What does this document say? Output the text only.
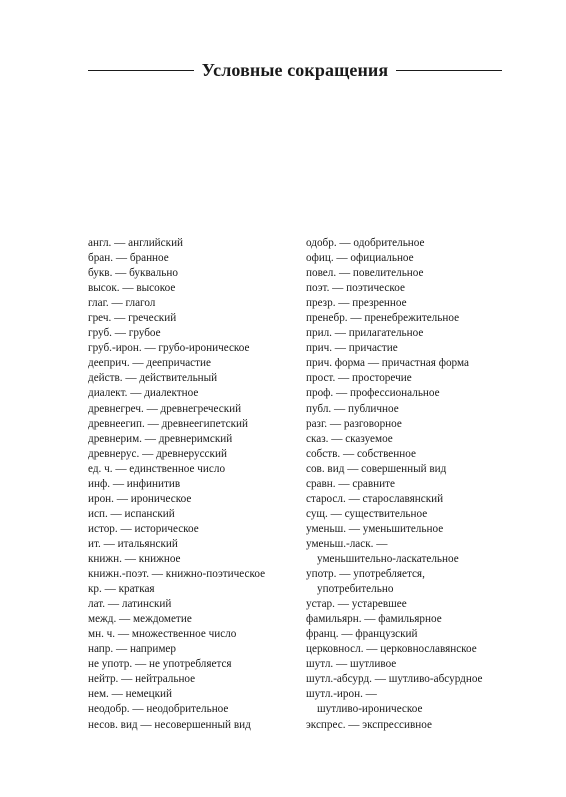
Условные сокращения
англ. — английский
бран. — бранное
букв. — буквально
высок. — высокое
глаг. — глагол
греч. — греческий
груб. — грубое
груб.-ирон. — грубо-ироническое
дееприч. — деепричастие
действ. — действительный
диалект. — диалектное
древнегреч. — древнегреческий
древнеегип. — древнеегипетский
древнерим. — древнеримский
древнерус. — древнерусский
ед. ч. — единственное число
инф. — инфинитив
ирон. — ироническое
исп. — испанский
истор. — историческое
ит. — итальянский
книжн. — книжное
книжн.-поэт. — книжно-поэтическое
кр. — краткая
лат. — латинский
межд. — междометие
мн. ч. — множественное число
напр. — например
не употр. — не употребляется
нейтр. — нейтральное
нем. — немецкий
неодобр. — неодобрительное
несов. вид — несовершенный вид
одобр. — одобрительное
офиц. — официальное
повел. — повелительное
поэт. — поэтическое
презр. — презренное
пренебр. — пренебрежительное
прил. — прилагательное
прич. — причастие
прич. форма — причастная форма
прост. — просторечие
проф. — профессиональное
публ. — публичное
разг. — разговорное
сказ. — сказуемое
собств. — собственное
сов. вид — совершенный вид
сравн. — сравните
старосл. — старославянский
сущ. — существительное
уменьш. — уменьшительное
уменьш.-ласк. —
уменьшительно-ласкательное
употр. — употребляется,
употребительно
устар. — устаревшее
фамильярн. — фамильярное
франц. — французский
церковносл. — церковнославянское
шутл. — шутливое
шутл.-абсурд. — шутливо-абсурдное
шутл.-ирон. —
шутливо-ироническое
экспрес. — экспрессивное
